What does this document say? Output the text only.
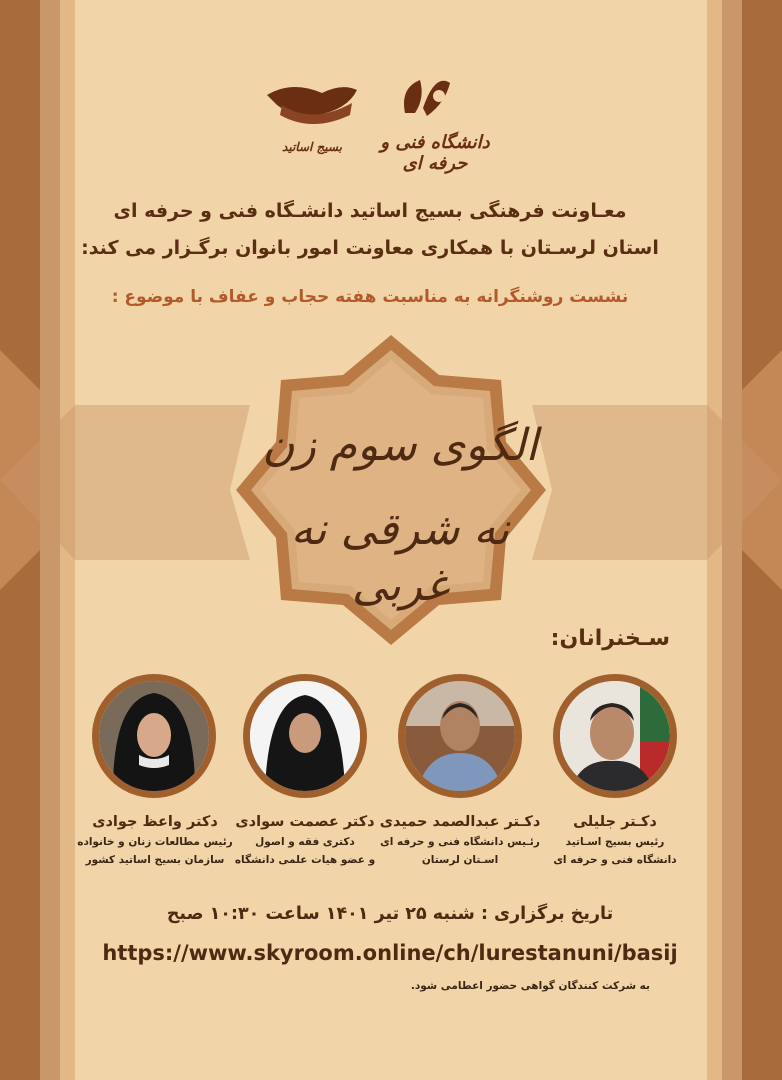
بسیج اساتید	دانشگاه فنی و حرفه ای
معـاونت فرهنگی بسیج اساتید دانشـگاه فنی و حرفه ای
استان لرسـتان با همکاری معاونت امور بانوان برگـزار می کند:
نشست روشنگرانه به مناسبت هفته حجاب و عفاف با موضوع :
الگوی سوم زن
نه شرقی نه غربی
سـخنرانان:
دکـتر جلیلی
رئیس بسیج اسـاتید
دانشگاه فنی و حرفه ای
دکـتر عبدالصمد حمیدی
رئـیس دانشگاه فنی و حرفه ای
اسـتان لرستان
دکتر عصمت سوادی
دکتری فقه و اصول
و عضو هیات علمی دانشگاه
دکتر واعظ جوادی
رئیس مطالعات زنان و خانواده
سازمان بسیج اساتید کشور
تاریخ برگزاری : شنبه ۲۵ تیر ۱۴۰۱ ساعت ۱۰:۳۰ صبح
https://www.skyroom.online/ch/lurestanuni/basij
به شرکت کنندگان گواهی حضور اعطامی شود.
